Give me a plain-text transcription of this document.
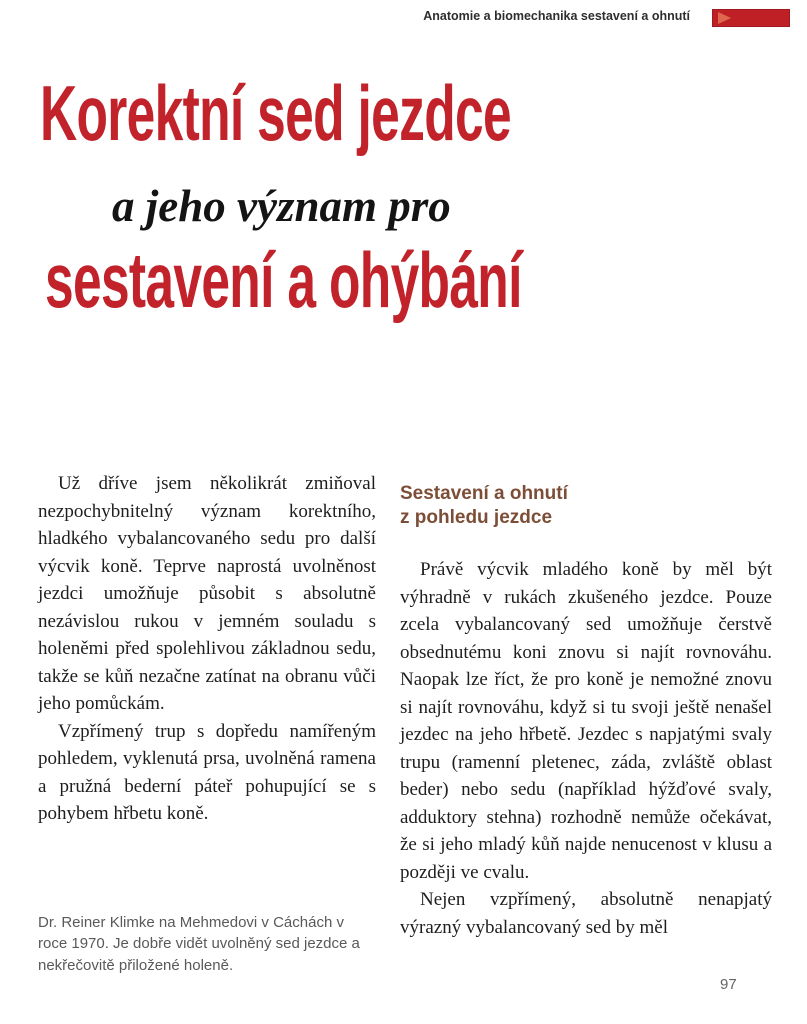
Anatomie a biomechanika sestavení a ohnutí
Korektní sed jezdce
a jeho význam pro
sestavení a ohýbání

Už dříve jsem několikrát zmiňoval nezpochybnitelný význam korektního, hladkého vybalancovaného sedu pro další výcvik koně. Teprve naprostá uvolněnost jezdci umožňuje působit s absolutně nezávislou rukou v jemném souladu s holeněmi před spolehlivou základnou sedu, takže se kůň nezačne zatínat na obranu vůči jeho pomůckám.

Vzpřímený trup s dopředu namířeným pohledem, vyklenutá prsa, uvolněná ramena a pružná bederní páteř pohupující se s pohybem hřbetu koně.

Dr. Reiner Klimke na Mehmedovi v Cáchách v roce 1970. Je dobře vidět uvolněný sed jezdce a nekřečovitě přiložené holeně.

Sestavení a ohnutí
z pohledu jezdce

Právě výcvik mladého koně by měl být výhradně v rukách zkušeného jezdce. Pouze zcela vybalancovaný sed umožňuje čerstvě obsednutému koni znovu si najít rovnováhu. Naopak lze říct, že pro koně je nemožné znovu si najít rovnováhu, když si tu svoji ještě nenašel jezdec na jeho hřbetě. Jezdec s napjatými svaly trupu (ramenní pletenec, záda, zvláště oblast beder) nebo sedu (například hýžďové svaly, adduktory stehna) rozhodně nemůže očekávat, že si jeho mladý kůň najde nenucenost v klusu a později ve cvalu.

Nejen vzpřímený, absolutně nenapjatý výrazný vybalancovaný sed by měl

97
